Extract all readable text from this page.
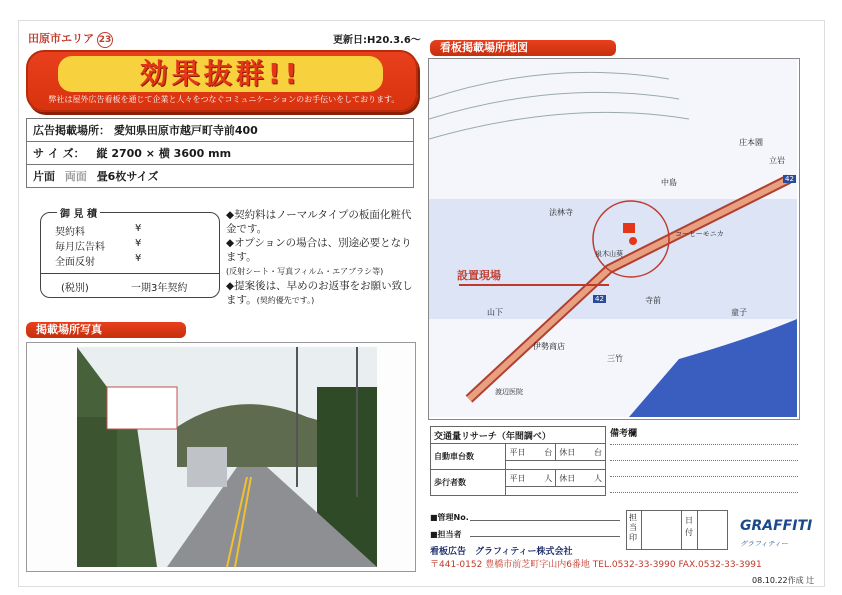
田原市エリア 23	更新日:H20.3.6～
効果抜群!!
弊社は屋外広告看板を通じて企業と人々をつなぐコミュニケーションのお手伝いをしております。
広告掲載場所： 愛知県田原市越戸町寺前400
サ イ ズ： 縦 2700 × 横 3600 mm
片面 両面 畳6枚サイズ
御 見 積
契約料	¥
毎月広告料	¥
全面反射	¥
(税別)	一期3年契約
◆契約料はノーマルタイプの板面化粧代金です。
◆オプションの場合は、別途必要となります。
(反射シート・写真フィルム・エアブラシ等)
◆提案後は、早めのお返事をお願い致します。(契約優先です。)
掲載場所写真
看板掲載場所地図
中島
庄本園
立岩
法林寺
コーヒーモニカ
泉木山葵
寺前
童子
山下
伊勢商店
三竹
渡辺医院
設置現場
42
42
交通量リサーチ（年間調べ）		
自動車台数	平日 台	休日 台

歩行者数	平日 人	休日 人

備考欄
■管理No.
■担当者
担当印
日付	GRAFFITI
グラフィティー
看板広告　グラフィティー株式会社
〒441-0152 豊橋市前芝町字山内6番地 TEL.0532-33-3990 FAX.0532-33-3991
08.10.22作成 辻
